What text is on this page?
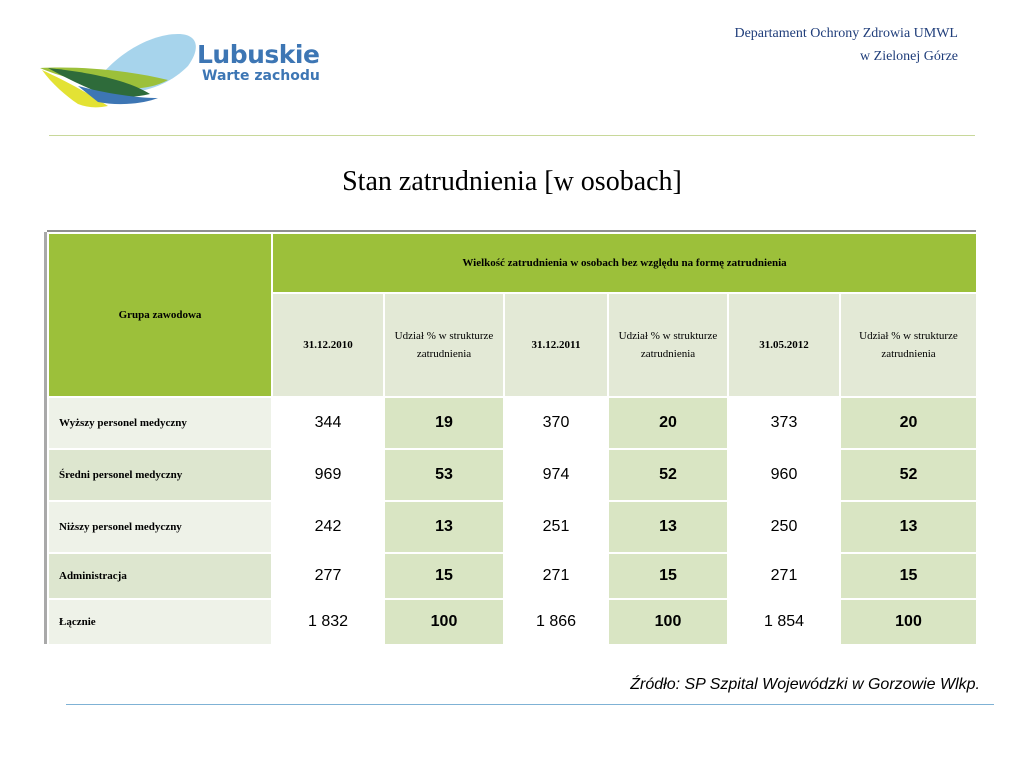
Lubuskie
Warte zachodu
Departament Ochrony Zdrowia UMWL
w Zielonej Górze
Stan zatrudnienia [w osobach]
Grupa zawodowa	Wielkość zatrudnienia w osobach bez względu na formę zatrudnienia					
	31.12.2010	Udział % w strukturze zatrudnienia	31.12.2011	Udział % w strukturze zatrudnienia	31.05.2012	Udział % w strukturze zatrudnienia
Wyższy personel medyczny	344	19	370	20	373	20
Średni personel medyczny	969	53	974	52	960	52
Niższy personel medyczny	242	13	251	13	250	13
Administracja	277	15	271	15	271	15
Łącznie	1 832	100	1 866	100	1 854	100
Źródło: SP Szpital Wojewódzki w Gorzowie Wlkp.
